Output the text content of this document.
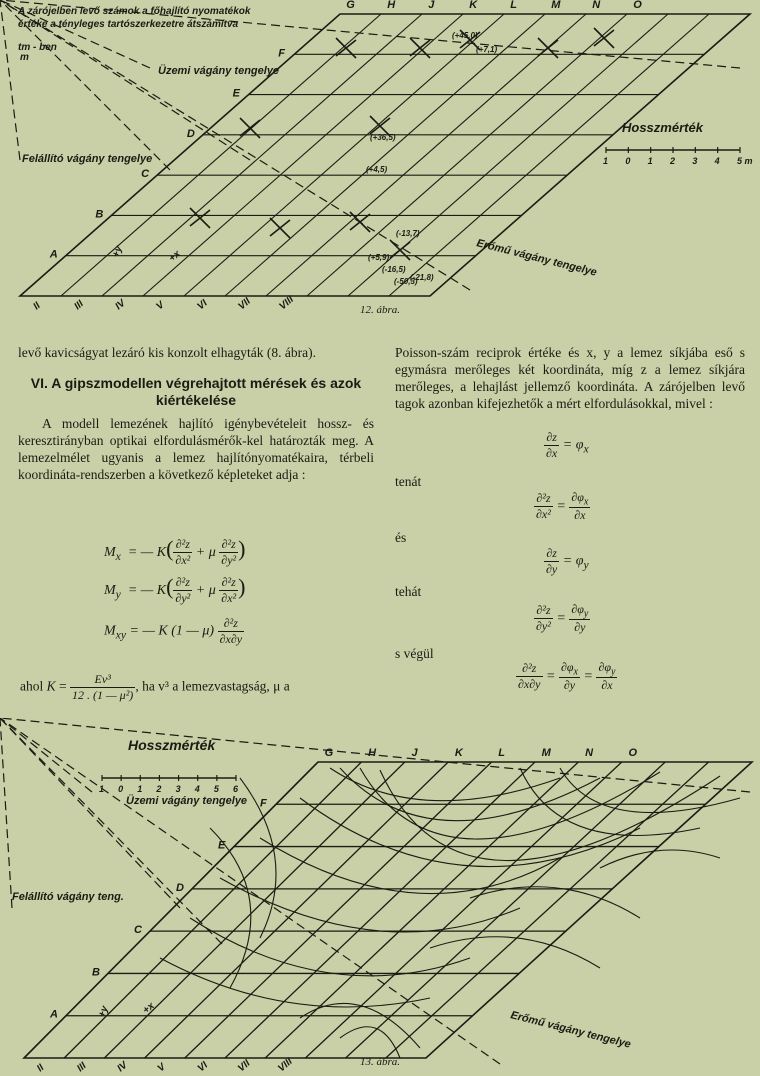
A zárójelben levő számok a főhajlító nyomatékok
értéke a tényleges tartószerkezetre átszámítva
tm - ben
m
Üzemi vágány tengelye
Felállító vágány tengelye
Erőmű vágány tengelye
Hosszmérték
+y	+x
G	H	J	K	L	M	N	O
F
E
D
C
B
A
II	III	IV	V	VI	VII VIII
1 0 1 2 3 4 5 m
(+45,0)
(+7,1)
(+36,5)
(+4,5)
(-13,7)
(+5,9)
(-16,5)
(-50,3)
(-21,8)
12. ábra.

levő kavicságyat lezáró kis konzolt elhagyták (8. ábra).

VI. A gipszmodellen végrehajtott mérések és azok kiértékelése

A modell lemezének hajlító igénybevételeit hossz- és keresztirányban optikai elfordulásmérők-kel határozták meg. A lemezelmélet ugyanis a lemez hajlítónyomatékaira, térbeli koordináta-rendszerben a következő képleteket adja :

$M_x$  = — $K( \frac{\text{∂²z}}{\text{∂x²}} + \mu \frac{\text{∂²z}}{\text{∂y²}}$ )
$M_y$  = — $K( \frac{\text{∂²z}}{\text{∂y²}} + \mu \frac{\text{∂²z}}{\text{∂x²}}$ )
$M_{xy}$ = — K (1 — $\mu) \frac{\text{∂²z}}{\partial x\partial y}$
ahol $K = \frac{\text{Ev³}}{\text{12 . (1 — μ²)}}$ , ha v³ a lemezvastagság, μ a

Poisson-szám reciprok értéke és x, y a lemez síkjába eső s egymásra merőleges két koordináta, míg z a lemez síkjára merőleges, a lehajlást jellemző koordináta. A zárójelben levő tagok azonban kifejezhetők a mért elfordulásokkal, mivel :

$\frac{\partial z}{\partial x} = \varphi_x$
tenát
$\frac{\text{∂²z}}{\text{∂x²}} = \frac{\partial\varphi_x}{\partial x}$
és
$\frac{\partial z}{\partial y} = \varphi_y$
tehát
$\frac{\text{∂²z}}{\text{∂y²}} = \frac{\partial\varphi_y}{\partial y}$
s végül
$\frac{\text{∂²z}}{\partial x\partial y} = \frac{\partial\varphi_x}{\partial y} = \frac{\partial\varphi_y}{\partial x}$
Hosszmérték
Üzemi vágány tengelye
Felállító vágány teng.
Erőmű vágány tengelye
+y	+x
G	H	J	K	L	M	N	O
F
E
D
C
B
A
II	III	IV	V	VI	VII VIII
1 0 1 2 3 4 5 6
13. ábra.
